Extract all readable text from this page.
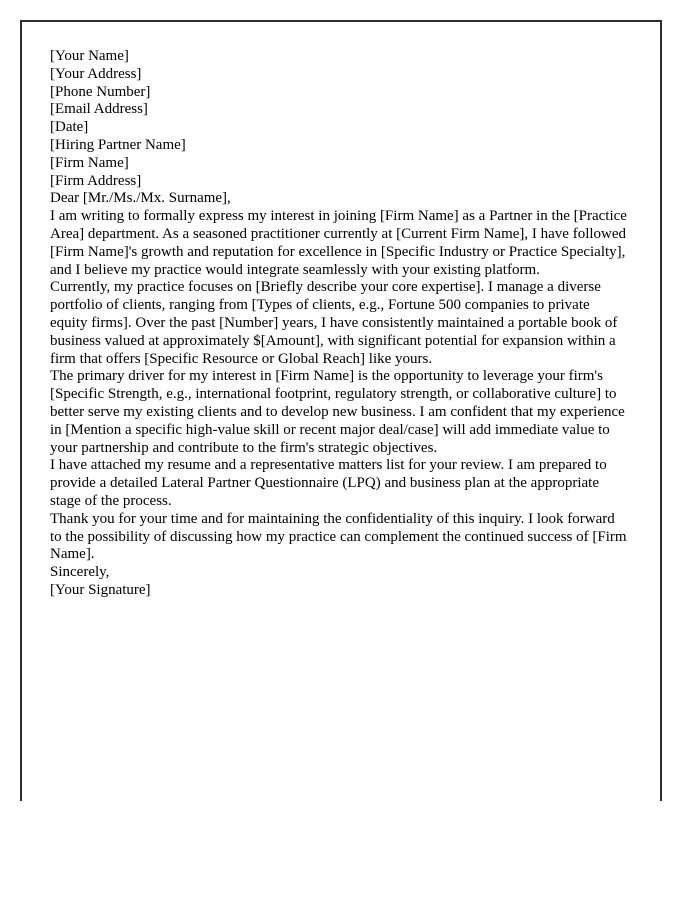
[Your Name]
[Your Address]
[Phone Number]
[Email Address]
[Date]
[Hiring Partner Name]
[Firm Name]
[Firm Address]
Dear [Mr./Ms./Mx. Surname],

I am writing to formally express my interest in joining [Firm Name] as a Partner in the [Practice Area] department. As a seasoned practitioner currently at [Current Firm Name], I have followed [Firm Name]'s growth and reputation for excellence in [Specific Industry or Practice Specialty], and I believe my practice would integrate seamlessly with your existing platform.

Currently, my practice focuses on [Briefly describe your core expertise]. I manage a diverse portfolio of clients, ranging from [Types of clients, e.g., Fortune 500 companies to private equity firms]. Over the past [Number] years, I have consistently maintained a portable book of business valued at approximately $[Amount], with significant potential for expansion within a firm that offers [Specific Resource or Global Reach] like yours.

The primary driver for my interest in [Firm Name] is the opportunity to leverage your firm's [Specific Strength, e.g., international footprint, regulatory strength, or collaborative culture] to better serve my existing clients and to develop new business. I am confident that my experience in [Mention a specific high-value skill or recent major deal/case] will add immediate value to your partnership and contribute to the firm's strategic objectives.

I have attached my resume and a representative matters list for your review. I am prepared to provide a detailed Lateral Partner Questionnaire (LPQ) and business plan at the appropriate stage of the process.

Thank you for your time and for maintaining the confidentiality of this inquiry. I look forward to the possibility of discussing how my practice can complement the continued success of [Firm Name].

Sincerely,
[Your Signature]
